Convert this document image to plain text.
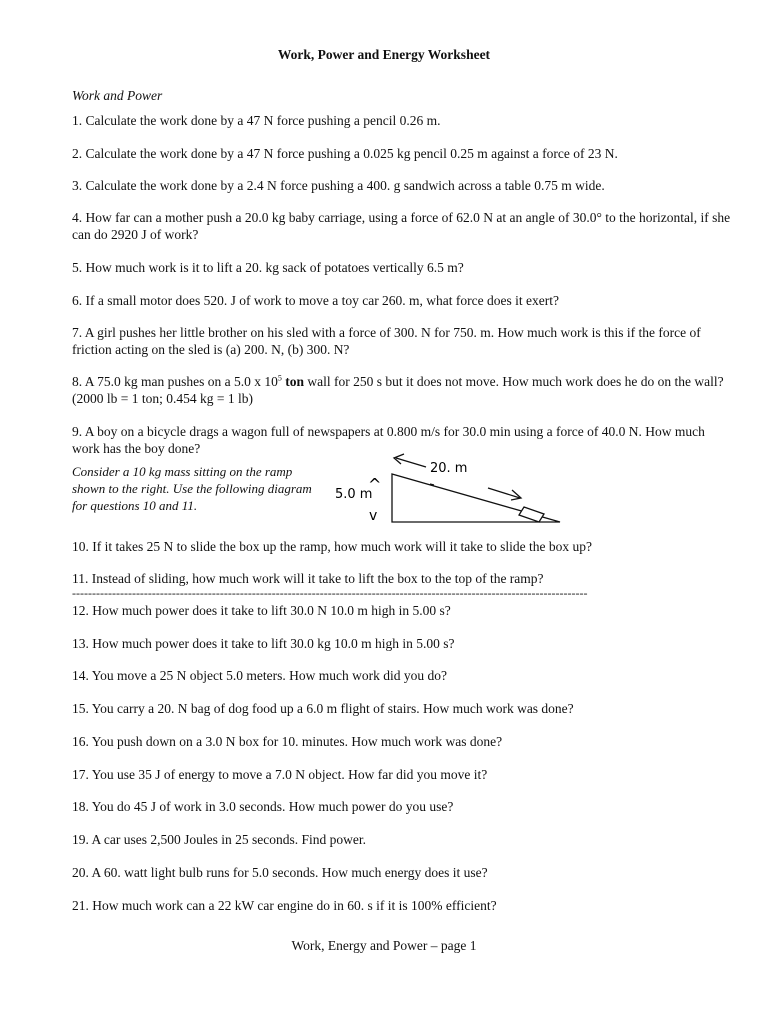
Work, Power and Energy Worksheet
Work and Power
1. Calculate the work done by a 47 N force pushing a pencil 0.26 m.
2. Calculate the work done by a 47 N force pushing a 0.025 kg pencil 0.25 m against a force of 23 N.
3. Calculate the work done by a 2.4 N force pushing a 400. g sandwich across a table 0.75 m wide.
4. How far can a mother push a 20.0 kg baby carriage, using a force of 62.0 N at an angle of 30.0° to the horizontal, if she can do 2920 J of work?
5. How much work is it to lift a 20. kg sack of potatoes vertically 6.5 m?
6. If a small motor does 520. J of work to move a toy car 260. m, what force does it exert?
7. A girl pushes her little brother on his sled with a force of 300. N for 750. m. How much work is this if the force of friction acting on the sled is (a) 200. N, (b) 300. N?
8. A 75.0 kg man pushes on a 5.0 x $10^5$ ton wall for 250 s but it does not move. How much work does he do on the wall? (2000 lb = 1 ton; 0.454 kg = 1 lb)
9. A boy on a bicycle drags a wagon full of newspapers at 0.800 m/s for 30.0 min using a force of 40.0 N. How much work has the boy done?
Consider a 10 kg mass sitting on the ramp shown to the right. Use the following diagram for questions 10 and 11.
20. m
5.0 m
^
v
10. If it takes 25 N to slide the box up the ramp, how much work will it take to slide the box up?
11. Instead of sliding, how much work will it take to lift the box to the top of the ramp?
---------------------------------------------------------------------------------------------------------------------------------
12. How much power does it take to lift 30.0 N 10.0 m high in 5.00 s?
13. How much power does it take to lift 30.0 kg 10.0 m high in 5.00 s?
14. You move a 25 N object 5.0 meters. How much work did you do?
15. You carry a 20. N bag of dog food up a 6.0 m flight of stairs. How much work was done?
16. You push down on a 3.0 N box for 10. minutes. How much work was done?
17. You use 35 J of energy to move a 7.0 N object. How far did you move it?
18. You do 45 J of work in 3.0 seconds. How much power do you use?
19. A car uses 2,500 Joules in 25 seconds. Find power.
20. A 60. watt light bulb runs for 5.0 seconds. How much energy does it use?
21. How much work can a 22 kW car engine do in 60. s if it is 100% efficient?
Work, Energy and Power – page 1
